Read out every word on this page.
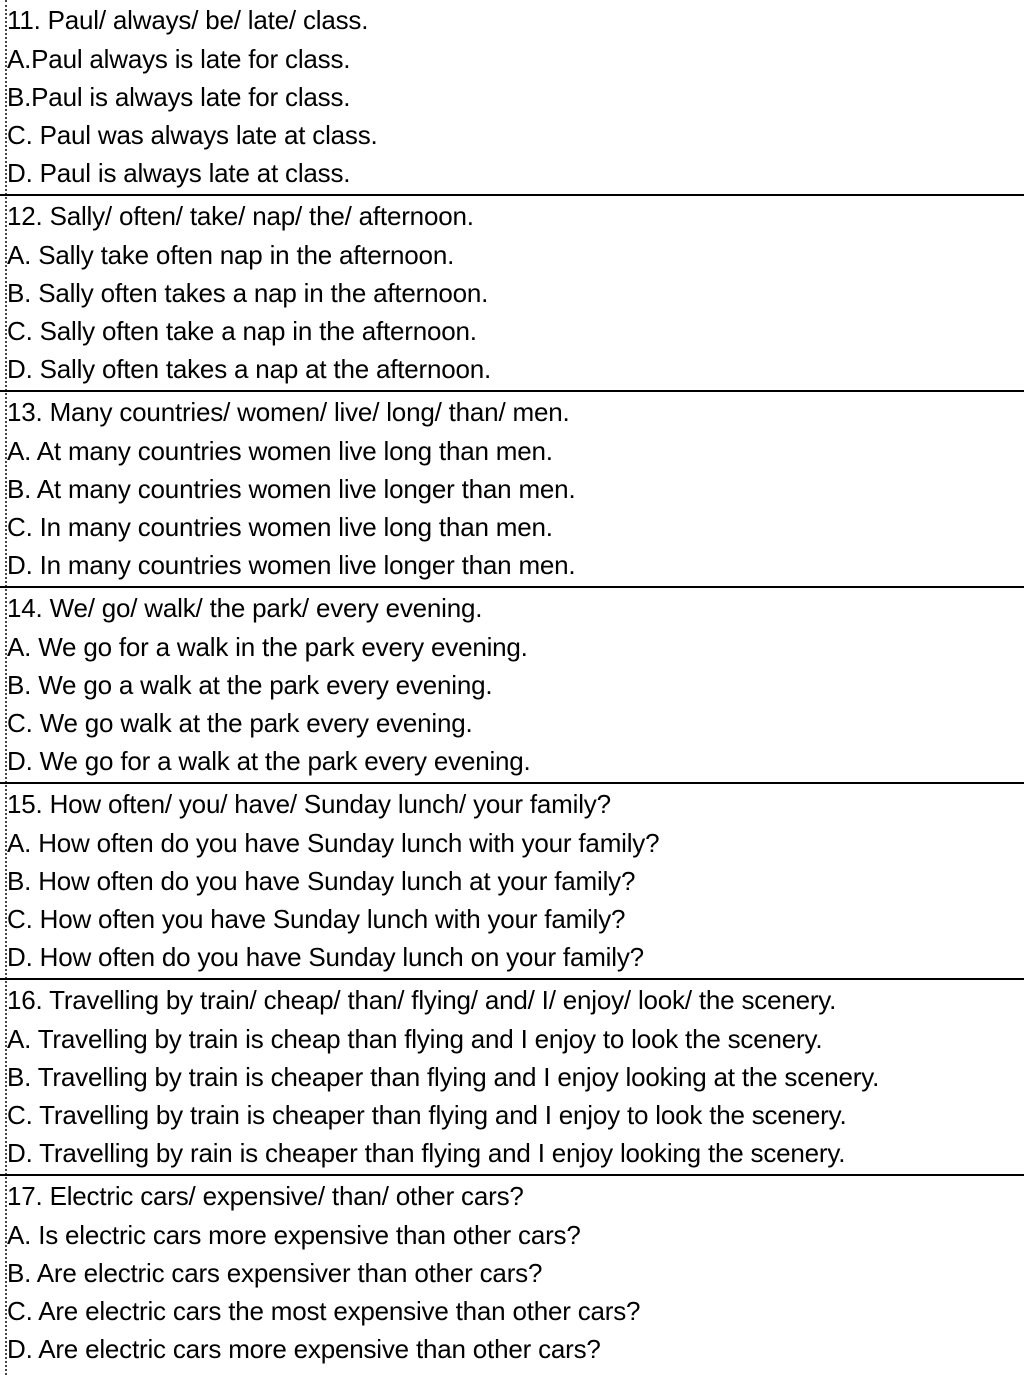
11. Paul/ always/ be/ late/ class.
A.Paul always is late for class.
B.Paul is always late for class.
C. Paul was always late at class.
D. Paul is always late at class.
12. Sally/ often/ take/ nap/ the/ afternoon.
A. Sally take often nap in the afternoon.
B. Sally often takes a nap in the afternoon.
C. Sally often take a nap in the afternoon.
D. Sally often takes a nap at the afternoon.
13. Many countries/ women/ live/ long/ than/ men.
A. At many countries women live long than men.
B. At many countries women live longer than men.
C. In many countries women live long than men.
D. In many countries women live longer than men.
14. We/ go/ walk/ the park/ every evening.
A. We go for a walk in the park every evening.
B. We go a walk at the park every evening.
C. We go walk at the park every evening.
D. We go for a walk at the park every evening.
15. How often/ you/ have/ Sunday lunch/ your family?
A. How often do you have Sunday lunch with your family?
B. How often do you have Sunday lunch at your family?
C. How often you have Sunday lunch with your family?
D. How often do you have Sunday lunch on your family?
16. Travelling by train/ cheap/ than/ flying/ and/ I/ enjoy/ look/ the scenery.
A. Travelling by train is cheap than flying and I enjoy to look the scenery.
B. Travelling by train is cheaper than flying and I enjoy looking at the scenery.
C. Travelling by train is cheaper than flying and I enjoy to look the scenery.
D. Travelling by rain is cheaper than flying and I enjoy looking the scenery.
17. Electric cars/ expensive/ than/ other cars?
A. Is electric cars more expensive than other cars?
B. Are electric cars expensiver than other cars?
C. Are electric cars the most expensive than other cars?
D. Are electric cars more expensive than other cars?
